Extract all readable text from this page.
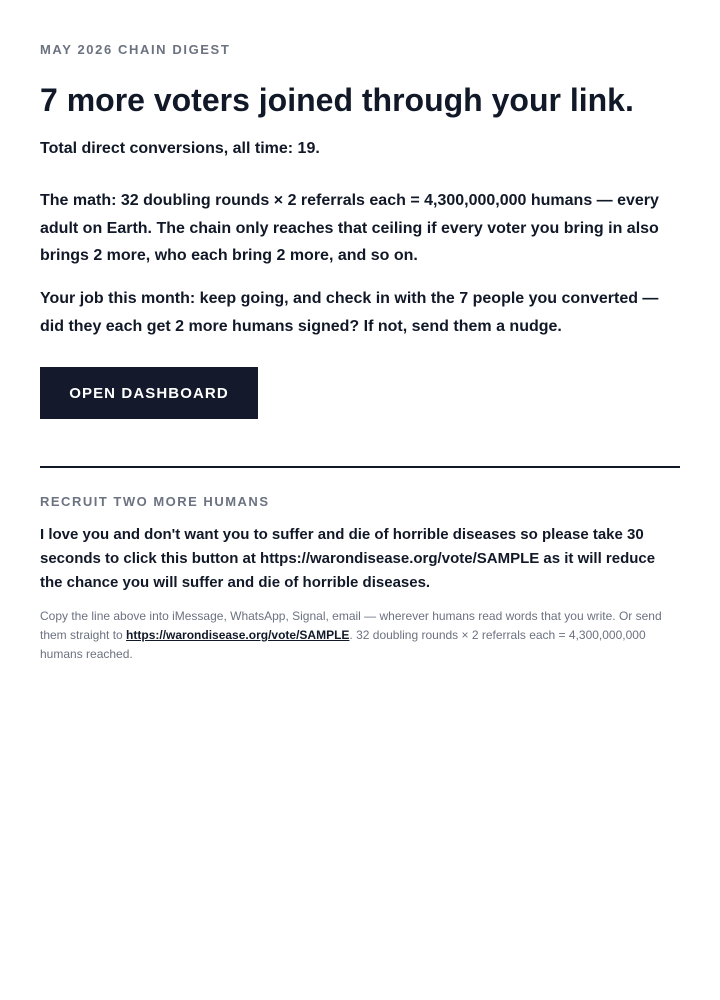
MAY 2026 CHAIN DIGEST

7 more voters joined through your link.

Total direct conversions, all time: 19.

The math: 32 doubling rounds × 2 referrals each = 4,300,000,000 humans — every adult on Earth. The chain only reaches that ceiling if every voter you bring in also brings 2 more, who each bring 2 more, and so on.

Your job this month: keep going, and check in with the 7 people you converted — did they each get 2 more humans signed? If not, send them a nudge.

OPEN DASHBOARD

RECRUIT TWO MORE HUMANS

I love you and don't want you to suffer and die of horrible diseases so please take 30 seconds to click this button at https://warondisease.org/vote/SAMPLE as it will reduce the chance you will suffer and die of horrible diseases.

Copy the line above into iMessage, WhatsApp, Signal, email — wherever humans read words that you write. Or send them straight to https://warondisease.org/vote/SAMPLE. 32 doubling rounds × 2 referrals each = 4,300,000,000 humans reached.
